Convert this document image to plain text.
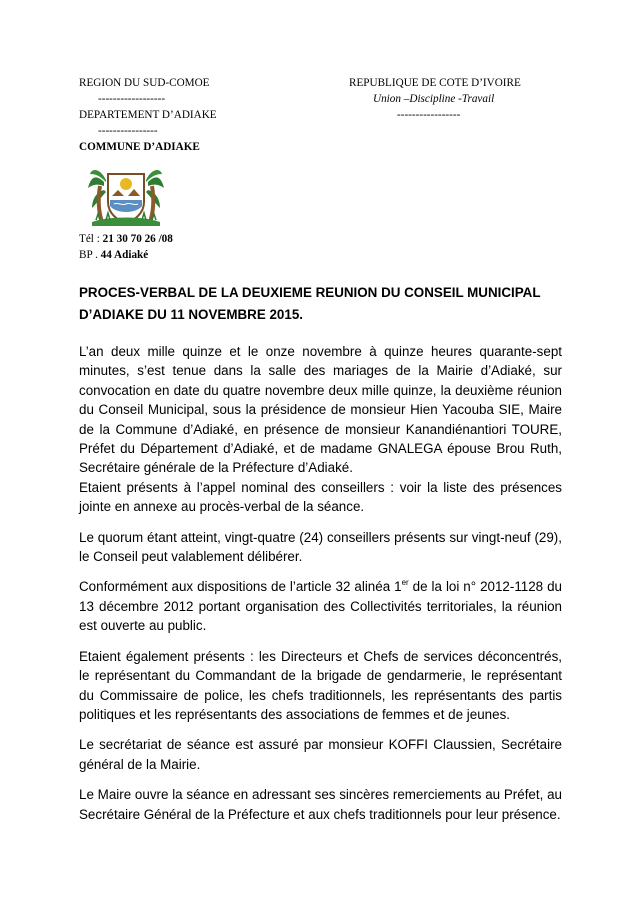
REGION DU SUD-COMOE
------------------
DEPARTEMENT D’ADIAKE
----------------
COMMUNE D’ADIAKE
REPUBLIQUE DE COTE D’IVOIRE
Union –Discipline -Travail
-----------------
Tél : 21 30 70 26 /08
BP . 44 Adiaké
PROCES-VERBAL DE LA DEUXIEME REUNION DU CONSEIL MUNICIPAL
D’ADIAKE DU 11 NOVEMBRE 2015.

L’an deux mille quinze et le onze novembre à quinze heures quarante-sept minutes, s’est tenue dans la salle des mariages de la Mairie d’Adiaké, sur convocation en date du quatre novembre deux mille quinze, la deuxième réunion du Conseil Municipal, sous la présidence de monsieur Hien Yacouba SIE, Maire de la Commune d’Adiaké, en présence de monsieur Kanandiénantiori TOURE, Préfet du Département d’Adiaké, et de madame GNALEGA épouse Brou Ruth, Secrétaire générale de la Préfecture d’Adiaké.

Etaient présents à l’appel nominal des conseillers : voir la liste des présences jointe en annexe au procès-verbal de la séance.

Le quorum étant atteint, vingt-quatre (24) conseillers présents sur vingt-neuf (29), le Conseil peut valablement délibérer.

Conformément aux dispositions de l’article 32 alinéa 1er de la loi n° 2012-1128 du 13 décembre 2012 portant organisation des Collectivités territoriales, la réunion est ouverte au public.

Etaient également présents : les Directeurs et Chefs de services déconcentrés, le représentant du Commandant de la brigade de gendarmerie, le représentant du Commissaire de police, les chefs traditionnels, les représentants des partis politiques et les représentants des associations de femmes et de jeunes.

Le secrétariat de séance est assuré par monsieur KOFFI Claussien, Secrétaire général de la Mairie.

Le Maire ouvre la séance en adressant ses sincères remerciements au Préfet, au Secrétaire Général de la Préfecture et aux chefs traditionnels pour leur présence.
